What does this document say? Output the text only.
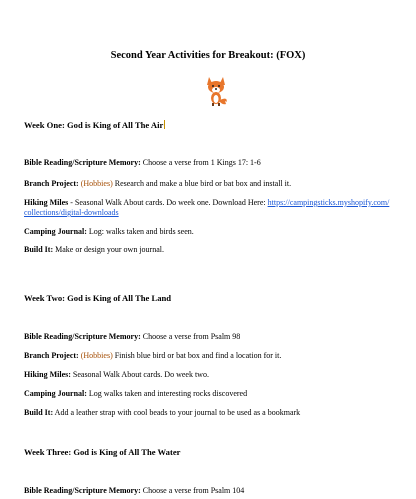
Second Year Activities for Breakout: (FOX)
Week One: God is King of All The Air
Bible Reading/Scripture Memory: Choose a verse from 1 Kings 17: 1-6
Branch Project: (Hobbies) Research and make a blue bird or bat box and install it.
Hiking Miles - Seasonal Walk About cards. Do week one. Download Here: https://campingsticks.myshopify.com/
collections/digital-downloads
Camping Journal: Log: walks taken and birds seen.
Build It: Make or design your own journal.
Week Two: God is King of All The Land
Bible Reading/Scripture Memory: Choose a verse from Psalm 98
Branch Project: (Hobbies) Finish blue bird or bat box and find a location for it.
Hiking Miles: Seasonal Walk About cards. Do week two.
Camping Journal: Log walks taken and interesting rocks discovered
Build It: Add a leather strap with cool beads to your journal to be used as a bookmark
Week Three: God is King of All The Water
Bible Reading/Scripture Memory: Choose a verse from Psalm 104
